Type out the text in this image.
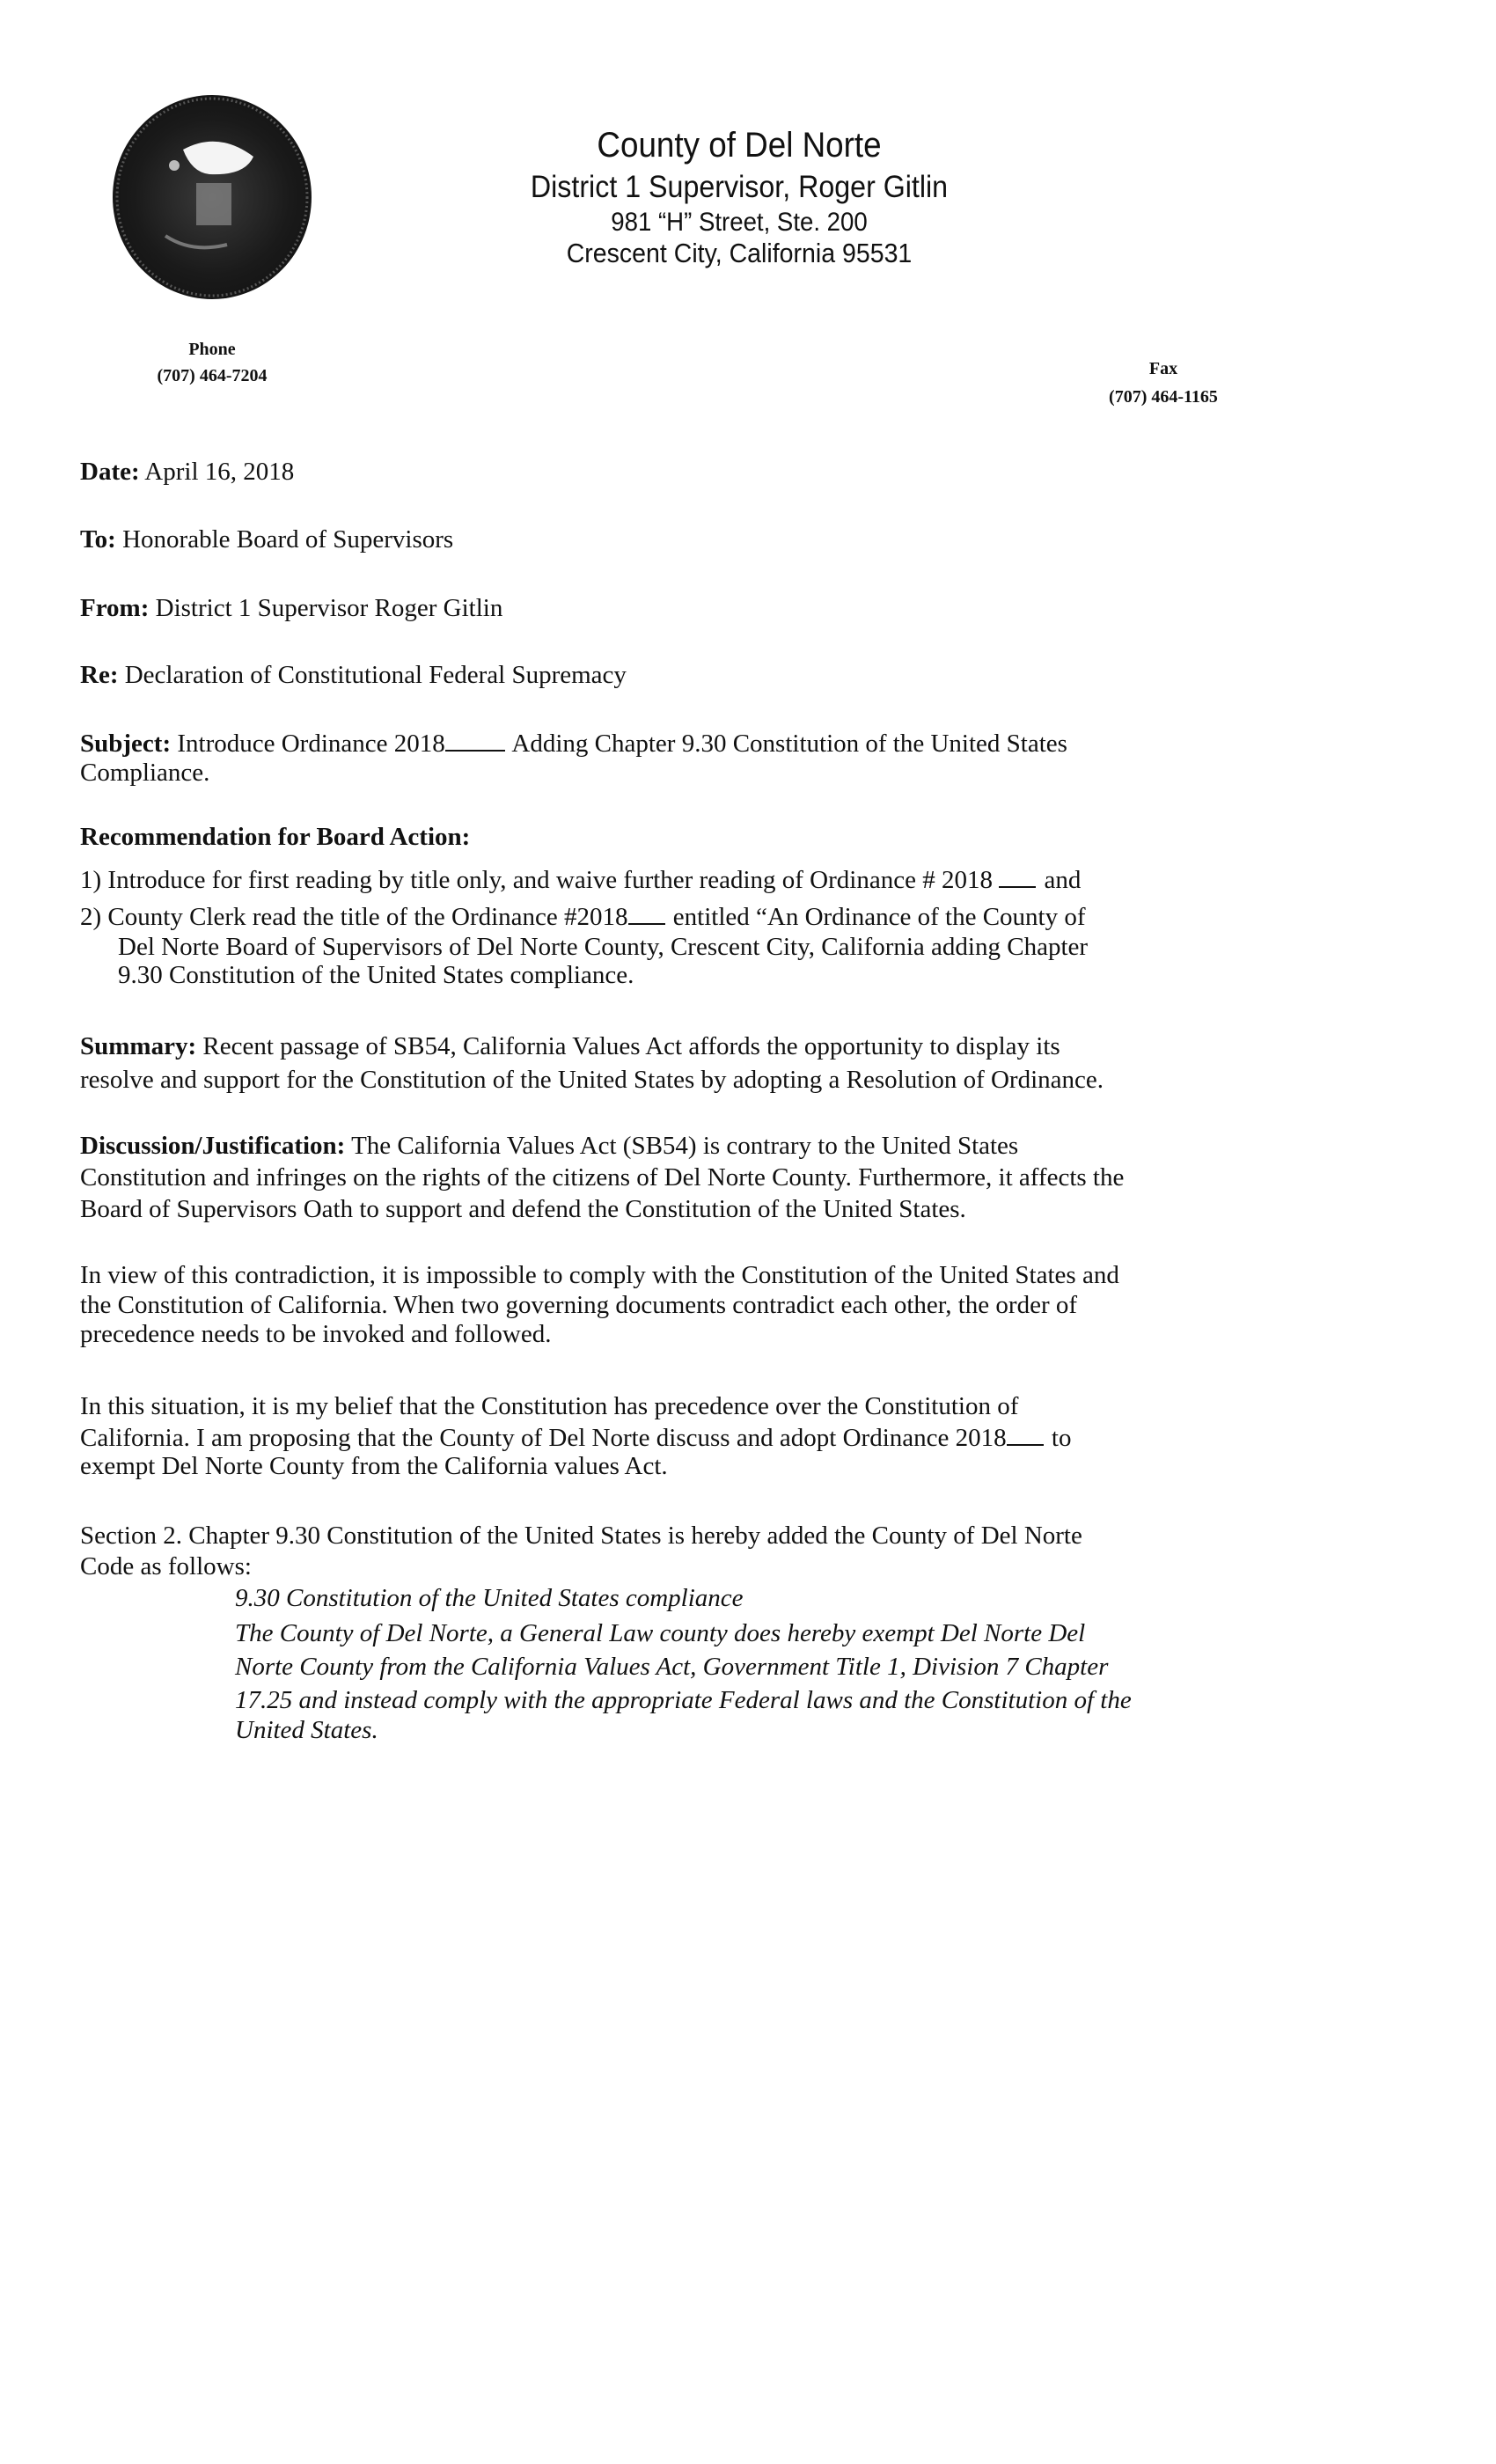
County of Del Norte
District 1 Supervisor, Roger Gitlin
981 “H” Street, Ste. 200
Crescent City, California 95531
Phone
(707) 464-7204	Fax
(707) 464-1165
Date: April 16, 2018
To: Honorable Board of Supervisors
From: District 1 Supervisor Roger Gitlin
Re: Declaration of Constitutional Federal Supremacy
Subject: Introduce Ordinance 2018	Adding Chapter 9.30 Constitution of the United States
Compliance.
Recommendation for Board Action:
1) Introduce for first reading by title only, and waive further reading of Ordinance # 2018 and
2) County Clerk read the title of the Ordinance #2018 entitled “An Ordinance of the County of
Del Norte Board of Supervisors of Del Norte County, Crescent City, California adding Chapter
9.30 Constitution of the United States compliance.
Summary: Recent passage of SB54, California Values Act affords the opportunity to display its
resolve and support for the Constitution of the United States by adopting a Resolution of Ordinance.
Discussion/Justification: The California Values Act (SB54) is contrary to the United States
Constitution and infringes on the rights of the citizens of Del Norte County. Furthermore, it affects the
Board of Supervisors Oath to support and defend the Constitution of the United States.
In view of this contradiction, it is impossible to comply with the Constitution of the United States and
the Constitution of California. When two governing documents contradict each other, the order of
precedence needs to be invoked and followed.
In this situation, it is my belief that the Constitution has precedence over the Constitution of
California. I am proposing that the County of Del Norte discuss and adopt Ordinance 2018 to
exempt Del Norte County from the California values Act.
Section 2. Chapter 9.30 Constitution of the United States is hereby added the County of Del Norte
Code as follows:
9.30 Constitution of the United States compliance
The County of Del Norte, a General Law county does hereby exempt Del Norte Del
Norte County from the California Values Act, Government Title 1, Division 7 Chapter
17.25 and instead comply with the appropriate Federal laws and the Constitution of the
United States.
